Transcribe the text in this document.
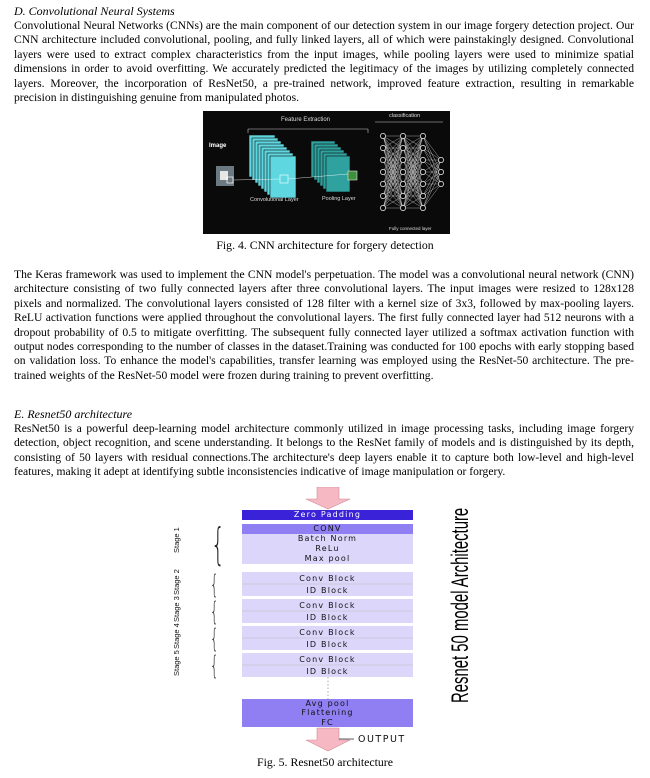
D. Convolutional Neural Systems

Convolutional Neural Networks (CNNs) are the main component of our detection system in our image forgery detection project. Our CNN architecture included convolutional, pooling, and fully linked layers, all of which were painstakingly designed. Convolutional layers were used to extract complex characteristics from the input images, while pooling layers were used to minimize spatial dimensions in order to avoid overfitting. We accurately predicted the legitimacy of the images by utilizing completely connected layers. Moreover, the incorporation of ResNet50, a pre-trained network, improved feature extraction, resulting in remarkable precision in distinguishing genuine from manipulated photos.

Image
Feature Extraction
classification
Convolutional Layer	Pooling Layer
Fully connected layer

Fig. 4. CNN architecture for forgery detection

The Keras framework was used to implement the CNN model's perpetuation. The model was a convolutional neural network (CNN) architecture consisting of two fully connected layers after three convolutional layers. The input images were resized to 128x128 pixels and normalized. The convolutional layers consisted of 128 filter with a kernel size of 3x3, followed by max-pooling layers. ReLU activation functions were applied throughout the convolutional layers. The first fully connected layer had 512 neurons with a dropout probability of 0.5 to mitigate overfitting. The subsequent fully connected layer utilized a softmax activation function with output nodes corresponding to the number of classes in the dataset.Training was conducted for 100 epochs with early stopping based on validation loss. To enhance the model's capabilities, transfer learning was employed using the ResNet-50 architecture. The pre-trained weights of the ResNet-50 model were frozen during training to prevent overfitting.

E. Resnet50 architecture

ResNet50 is a powerful deep-learning model architecture commonly utilized in image processing tasks, including image forgery detection, object recognition, and scene understanding. It belongs to the ResNet family of models and is distinguished by its depth, consisting of 50 layers with residual connections.The architecture's deep layers enable it to capture both low-level and high-level features, making it adept at identifying subtle inconsistencies indicative of image manipulation or forgery.

Zero Padding
CONV
Batch Norm
ReLu
Max pool
Conv Block
ID Block
Conv Block
ID Block
Conv Block
ID Block
Conv Block
ID Block
Avg pool
Flattening
FC
Stage 1
Stage 2
Stage 3
Stage 4
Stage 5
{
{
{
{
{	Resnet 50 model Architecture
OUTPUT

Fig. 5. Resnet50 architecture
